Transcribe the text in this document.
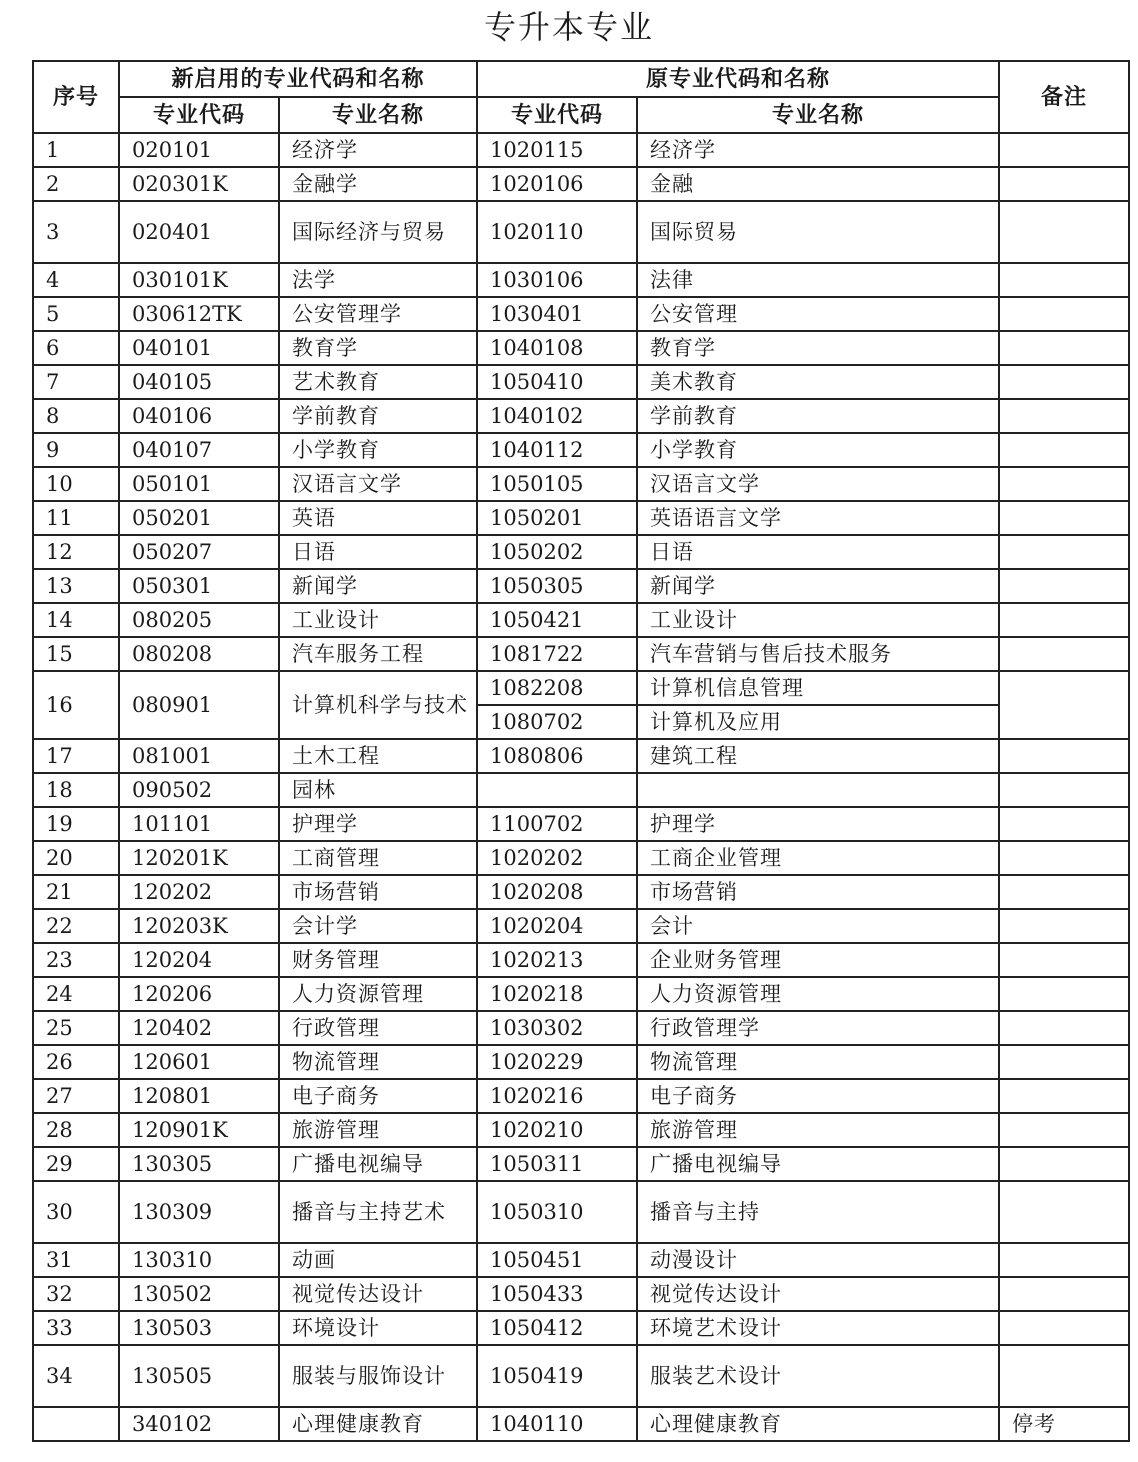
专升本专业
序号	新启用的专业代码和名称		原专业代码和名称		备注
	专业代码	专业名称	专业代码	专业名称	
1	020101	经济学	1020115	经济学	
2	020301K	金融学	1020106	金融	
3	020401	国际经济与贸易	1020110	国际贸易	
4	030101K	法学	1030106	法律	
5	030612TK	公安管理学	1030401	公安管理	
6	040101	教育学	1040108	教育学	
7	040105	艺术教育	1050410	美术教育	
8	040106	学前教育	1040102	学前教育	
9	040107	小学教育	1040112	小学教育	
10	050101	汉语言文学	1050105	汉语言文学	
11	050201	英语	1050201	英语语言文学	
12	050207	日语	1050202	日语	
13	050301	新闻学	1050305	新闻学	
14	080205	工业设计	1050421	工业设计	
15	080208	汽车服务工程	1081722	汽车营销与售后技术服务	
16	080901	计算机科学与技术	1082208	计算机信息管理	
			1080702	计算机及应用	
17	081001	土木工程	1080806	建筑工程	
18	090502	园林			
19	101101	护理学	1100702	护理学	
20	120201K	工商管理	1020202	工商企业管理	
21	120202	市场营销	1020208	市场营销	
22	120203K	会计学	1020204	会计	
23	120204	财务管理	1020213	企业财务管理	
24	120206	人力资源管理	1020218	人力资源管理	
25	120402	行政管理	1030302	行政管理学	
26	120601	物流管理	1020229	物流管理	
27	120801	电子商务	1020216	电子商务	
28	120901K	旅游管理	1020210	旅游管理	
29	130305	广播电视编导	1050311	广播电视编导	
30	130309	播音与主持艺术	1050310	播音与主持	
31	130310	动画	1050451	动漫设计	
32	130502	视觉传达设计	1050433	视觉传达设计	
33	130503	环境设计	1050412	环境艺术设计	
34	130505	服装与服饰设计	1050419	服装艺术设计	
	340102	心理健康教育	1040110	心理健康教育	停考
